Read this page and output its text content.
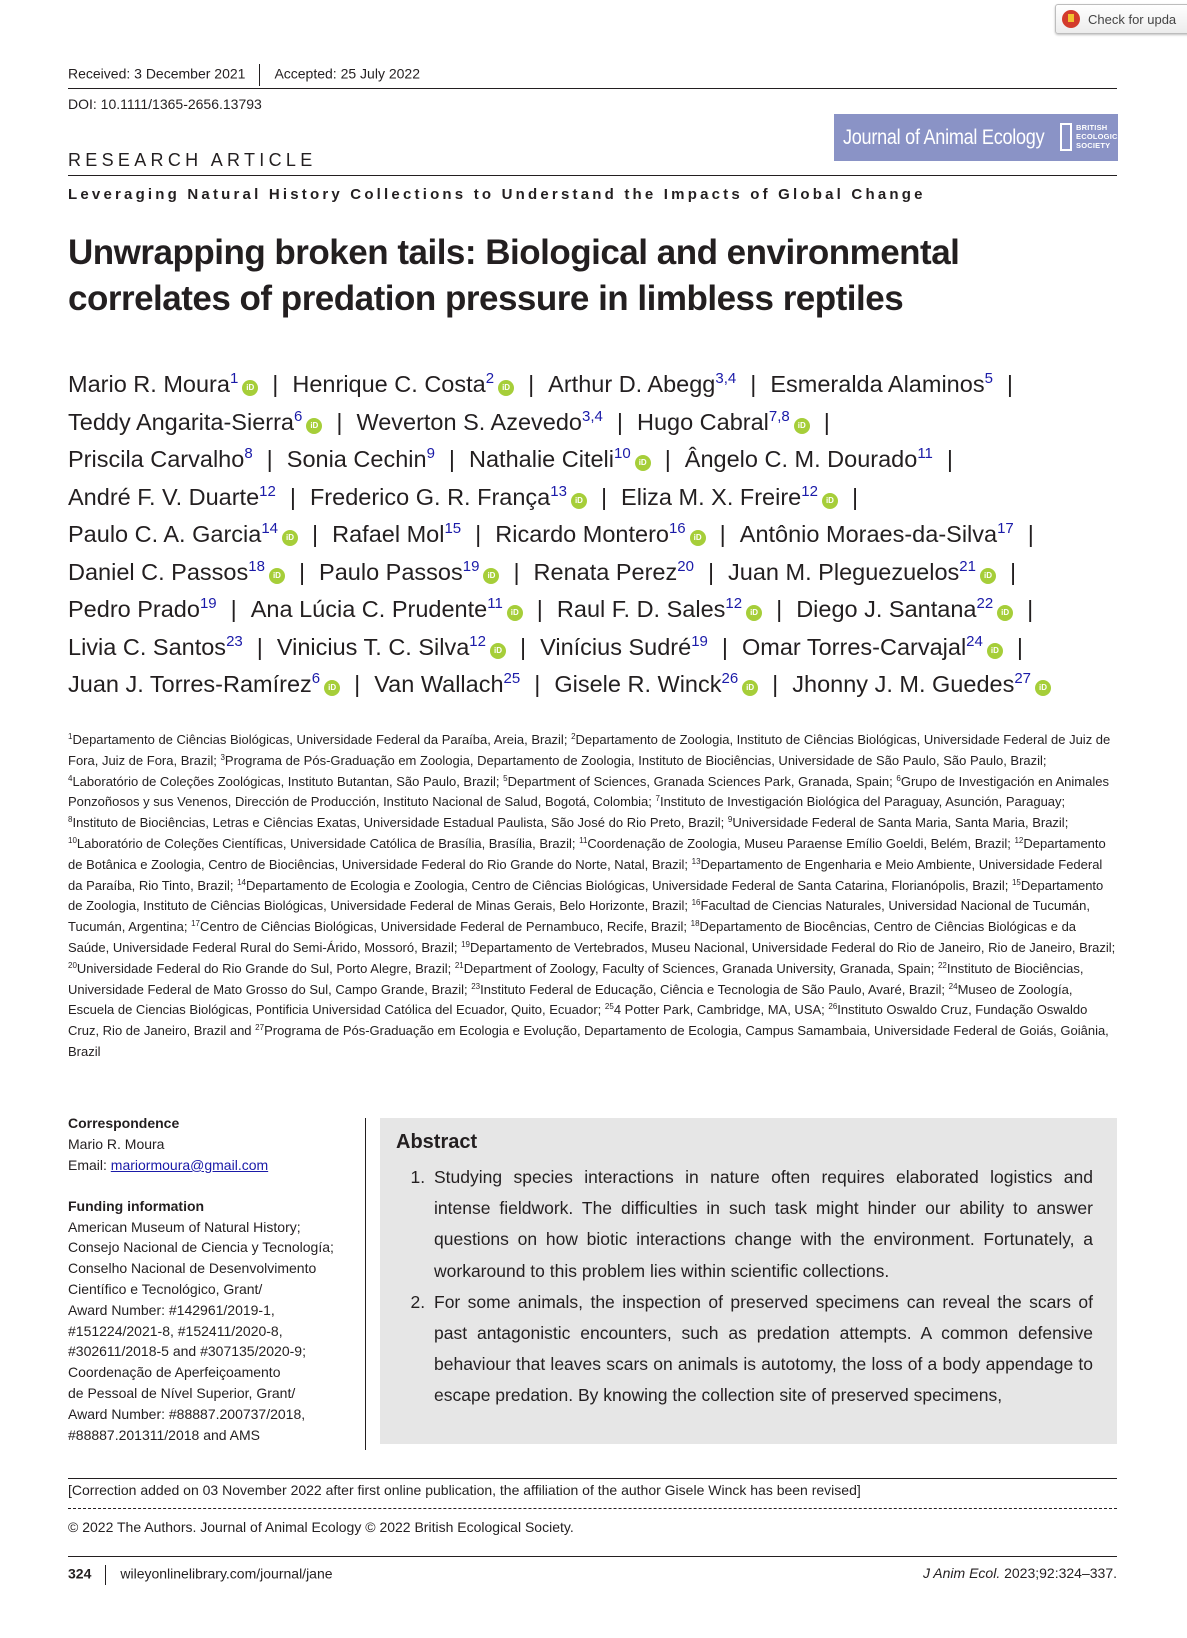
Check for upda
Received: 3 December 2021 Accepted: 25 July 2022
DOI: 10.1111/1365-2656.13793
Journal of Animal Ecology	BRITISH
ECOLOGICAL
SOCIETY
RESEARCH ARTICLE
Leveraging Natural History Collections to Understand the Impacts of Global Change
Unwrapping broken tails: Biological and environmental correlates of predation pressure in limbless reptiles
Mario R. Moura$^1$iD | Henrique C. Costa$^2$iD | Arthur D. Abegg$^{3,4}$ | Esmeralda Alaminos$^5$ |
Teddy Angarita-Sierra$^6$iD | Weverton S. Azevedo$^{3,4}$ | Hugo Cabral$^{7,8}$iD |
Priscila Carvalho$^8$ | Sonia Cechin$^9$ | Nathalie Citeli$^{10}$iD | Ângelo C. M. Dourado$^{11}$ |
André F. V. Duarte$^{12}$ | Frederico G. R. França$^{13}$iD | Eliza M. X. Freire$^{12}$iD |
Paulo C. A. Garcia$^{14}$iD | Rafael Mol$^{15}$ | Ricardo Montero$^{16}$iD | Antônio Moraes-da-Silva$^{17}$ |
Daniel C. Passos$^{18}$iD | Paulo Passos$^{19}$iD | Renata Perez$^{20}$ | Juan M. Pleguezuelos$^{21}$iD |
Pedro Prado$^{19}$ | Ana Lúcia C. Prudente$^{11}$iD | Raul F. D. Sales$^{12}$iD | Diego J. Santana$^{22}$iD |
Livia C. Santos$^{23}$ | Vinicius T. C. Silva$^{12}$iD | Vinícius Sudré$^{19}$ | Omar Torres-Carvajal$^{24}$iD |
Juan J. Torres-Ramírez$^6$iD | Van Wallach$^{25}$ | Gisele R. Winck$^{26}$iD | Jhonny J. M. Guedes$^{27}$iD
$^1$Departamento de Ciências Biológicas, Universidade Federal da Paraíba, Areia, Brazil; $^2$Departamento de Zoologia, Instituto de Ciências Biológicas, Universidade Federal de Juiz de Fora, Juiz de Fora, Brazil; $^3$Programa de Pós-Graduação em Zoologia, Departamento de Zoologia, Instituto de Biociências, Universidade de São Paulo, São Paulo, Brazil; $^4$Laboratório de Coleções Zoológicas, Instituto Butantan, São Paulo, Brazil; $^5$Department of Sciences, Granada Sciences Park, Granada, Spain; $^6$Grupo de Investigación en Animales Ponzoñosos y sus Venenos, Dirección de Producción, Instituto Nacional de Salud, Bogotá, Colombia; $^7$Instituto de Investigación Biológica del Paraguay, Asunción, Paraguay; $^8$Instituto de Biociências, Letras e Ciências Exatas, Universidade Estadual Paulista, São José do Rio Preto, Brazil; $^9$Universidade Federal de Santa Maria, Santa Maria, Brazil; $^{10}$Laboratório de Coleções Científicas, Universidade Católica de Brasília, Brasília, Brazil; $^{11}$Coordenação de Zoologia, Museu Paraense Emílio Goeldi, Belém, Brazil; $^{12}$Departamento de Botânica e Zoologia, Centro de Biociências, Universidade Federal do Rio Grande do Norte, Natal, Brazil; $^{13}$Departamento de Engenharia e Meio Ambiente, Universidade Federal da Paraíba, Rio Tinto, Brazil; $^{14}$Departamento de Ecologia e Zoologia, Centro de Ciências Biológicas, Universidade Federal de Santa Catarina, Florianópolis, Brazil; $^{15}$Departamento de Zoologia, Instituto de Ciências Biológicas, Universidade Federal de Minas Gerais, Belo Horizonte, Brazil; $^{16}$Facultad de Ciencias Naturales, Universidad Nacional de Tucumán, Tucumán, Argentina; $^{17}$Centro de Ciências Biológicas, Universidade Federal de Pernambuco, Recife, Brazil; $^{18}$Departamento de Biocências, Centro de Ciências Biológicas e da Saúde, Universidade Federal Rural do Semi-Árido, Mossoró, Brazil; $^{19}$Departamento de Vertebrados, Museu Nacional, Universidade Federal do Rio de Janeiro, Rio de Janeiro, Brazil; $^{20}$Universidade Federal do Rio Grande do Sul, Porto Alegre, Brazil; $^{21}$Department of Zoology, Faculty of Sciences, Granada University, Granada, Spain; $^{22}$Instituto de Biociências, Universidade Federal de Mato Grosso do Sul, Campo Grande, Brazil; $^{23}$Instituto Federal de Educação, Ciência e Tecnologia de São Paulo, Avaré, Brazil; $^{24}$Museo de Zoología, Escuela de Ciencias Biológicas, Pontificia Universidad Católica del Ecuador, Quito, Ecuador; $^{25}$4 Potter Park, Cambridge, MA, USA; $^{26}$Instituto Oswaldo Cruz, Fundação Oswaldo Cruz, Rio de Janeiro, Brazil and $^{27}$Programa de Pós-Graduação em Ecologia e Evolução, Departamento de Ecologia, Campus Samambaia, Universidade Federal de Goiás, Goiânia, Brazil
Correspondence

Mario R. Moura

Email: mariormoura@gmail.com

Funding information

American Museum of Natural History;

Consejo Nacional de Ciencia y Tecnología;

Conselho Nacional de Desenvolvimento

Científico e Tecnológico, Grant/

Award Number: #142961/2019-1,

#151224/2021-8, #152411/2020-8,

#302611/2018-5 and #307135/2020-9;

Coordenação de Aperfeiçoamento

de Pessoal de Nível Superior, Grant/

Award Number: #88887.200737/2018,

#88887.201311/2018 and AMS

Abstract
1. Studying species interactions in nature often requires elaborated logistics and intense fieldwork. The difficulties in such task might hinder our ability to answer questions on how biotic interactions change with the environment. Fortunately, a workaround to this problem lies within scientific collections.
2. For some animals, the inspection of preserved specimens can reveal the scars of past antagonistic encounters, such as predation attempts. A common defensive behaviour that leaves scars on animals is autotomy, the loss of a body appendage to escape predation. By knowing the collection site of preserved specimens,
[Correction added on 03 November 2022 after first online publication, the affiliation of the author Gisele Winck has been revised]
© 2022 The Authors. Journal of Animal Ecology © 2022 British Ecological Society.
324 wileyonlinelibrary.com/journal/jane	J Anim Ecol. 2023;92:324–337.
